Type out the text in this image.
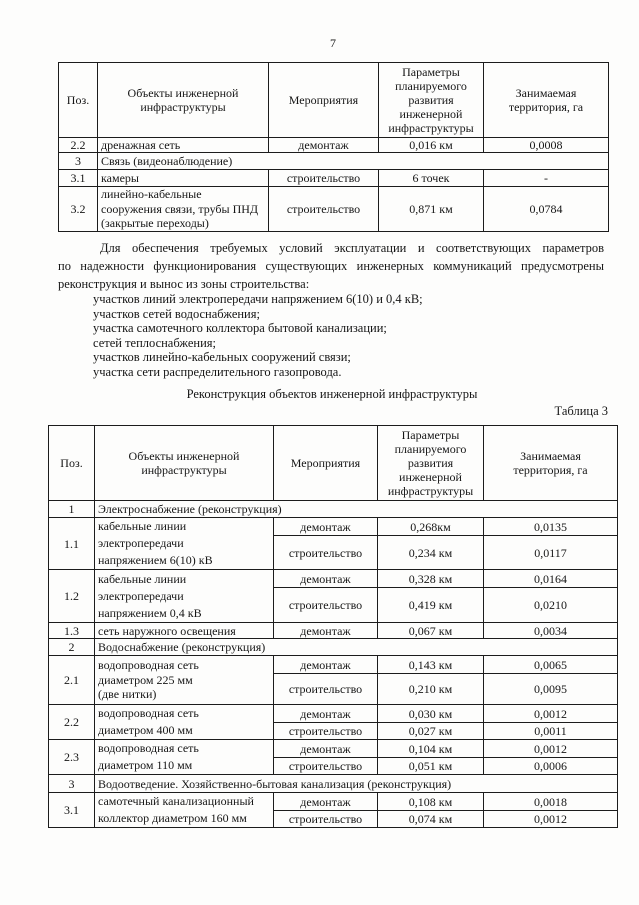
7
Поз.	Объекты инженерной
инфраструктуры	Мероприятия	Параметры
планируемого
развития
инженерной
инфраструктуры	Занимаемая
территория, га
2.2	дренажная сеть	демонтаж	0,016 км	0,0008
3	Связь (видеонаблюдение)			
3.1	камеры	строительство	6 точек	-
3.2	линейно-кабельные
сооружения связи, трубы ПНД
(закрытые переходы)	строительство	0,871 км	0,0784
Для обеспечения требуемых условий эксплуатации и соответствующих параметров
по надежности функционирования существующих инженерных коммуникаций предусмотрены
реконструкция и вынос из зоны строительства:
участков линий электропередачи напряжением 6(10) и 0,4 кВ;
участков сетей водоснабжения;
участка самотечного коллектора бытовой канализации;
сетей теплоснабжения;
участков линейно-кабельных сооружений связи;
участка сети распределительного газопровода.
Реконструкция объектов инженерной инфраструктуры
Таблица 3
Поз.	Объекты инженерной
инфраструктуры	Мероприятия	Параметры
планируемого
развития
инженерной
инфраструктуры	Занимаемая
территория, га
1	Электроснабжение (реконструкция)			
1.1	кабельные линии
электропередачи
напряжением 6(10) кВ	демонтаж	0,268км	0,0135
		строительство	0,234 км	0,0117
1.2	кабельные линии
электропередачи
напряжением 0,4 кВ	демонтаж	0,328 км	0,0164
		строительство	0,419 км	0,0210
1.3	сеть наружного освещения	демонтаж	0,067 км	0,0034
2	Водоснабжение (реконструкция)			
2.1	водопроводная сеть
диаметром 225 мм
(две нитки)	демонтаж	0,143 км	0,0065
		строительство	0,210 км	0,0095
2.2	водопроводная сеть
диаметром 400 мм	демонтаж	0,030 км	0,0012
		строительство	0,027 км	0,0011
2.3	водопроводная сеть
диаметром 110 мм	демонтаж	0,104 км	0,0012
		строительство	0,051 км	0,0006
3	Водоотведение. Хозяйственно-бытовая канализация (реконструкция)			
3.1	самотечный канализационный
коллектор диаметром 160 мм	демонтаж	0,108 км	0,0018
		строительство	0,074 км	0,0012
